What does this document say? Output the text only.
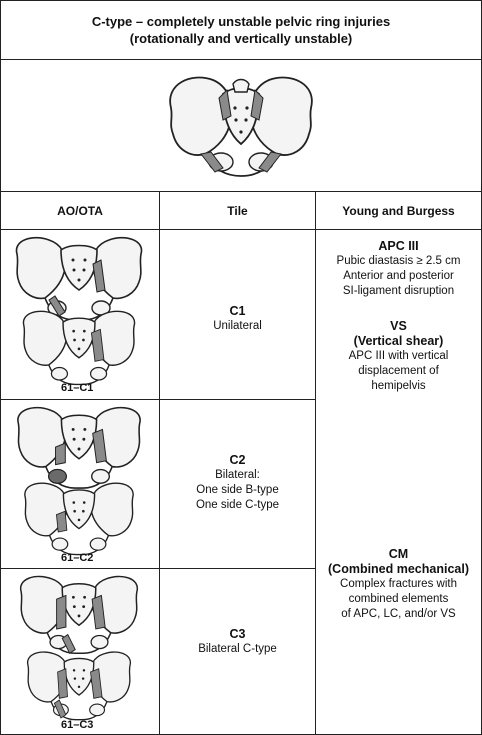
C-type – completely unstable pelvic ring injuries
(rotationally and vertically unstable)
AO/OTA	Tile	Young and Burgess
61–C1
61–C2
61–C3
C1
Unilateral
C2
Bilateral:
One side B-type
One side C-type
C3
Bilateral C-type
APC III
Pubic diastasis ≥ 2.5 cm
Anterior and posterior
SI-ligament disruption
VS
(Vertical shear)
APC III with vertical
displacement of
hemipelvis
CM
(Combined mechanical)
Complex fractures with
combined elements
of APC, LC, and/or VS
